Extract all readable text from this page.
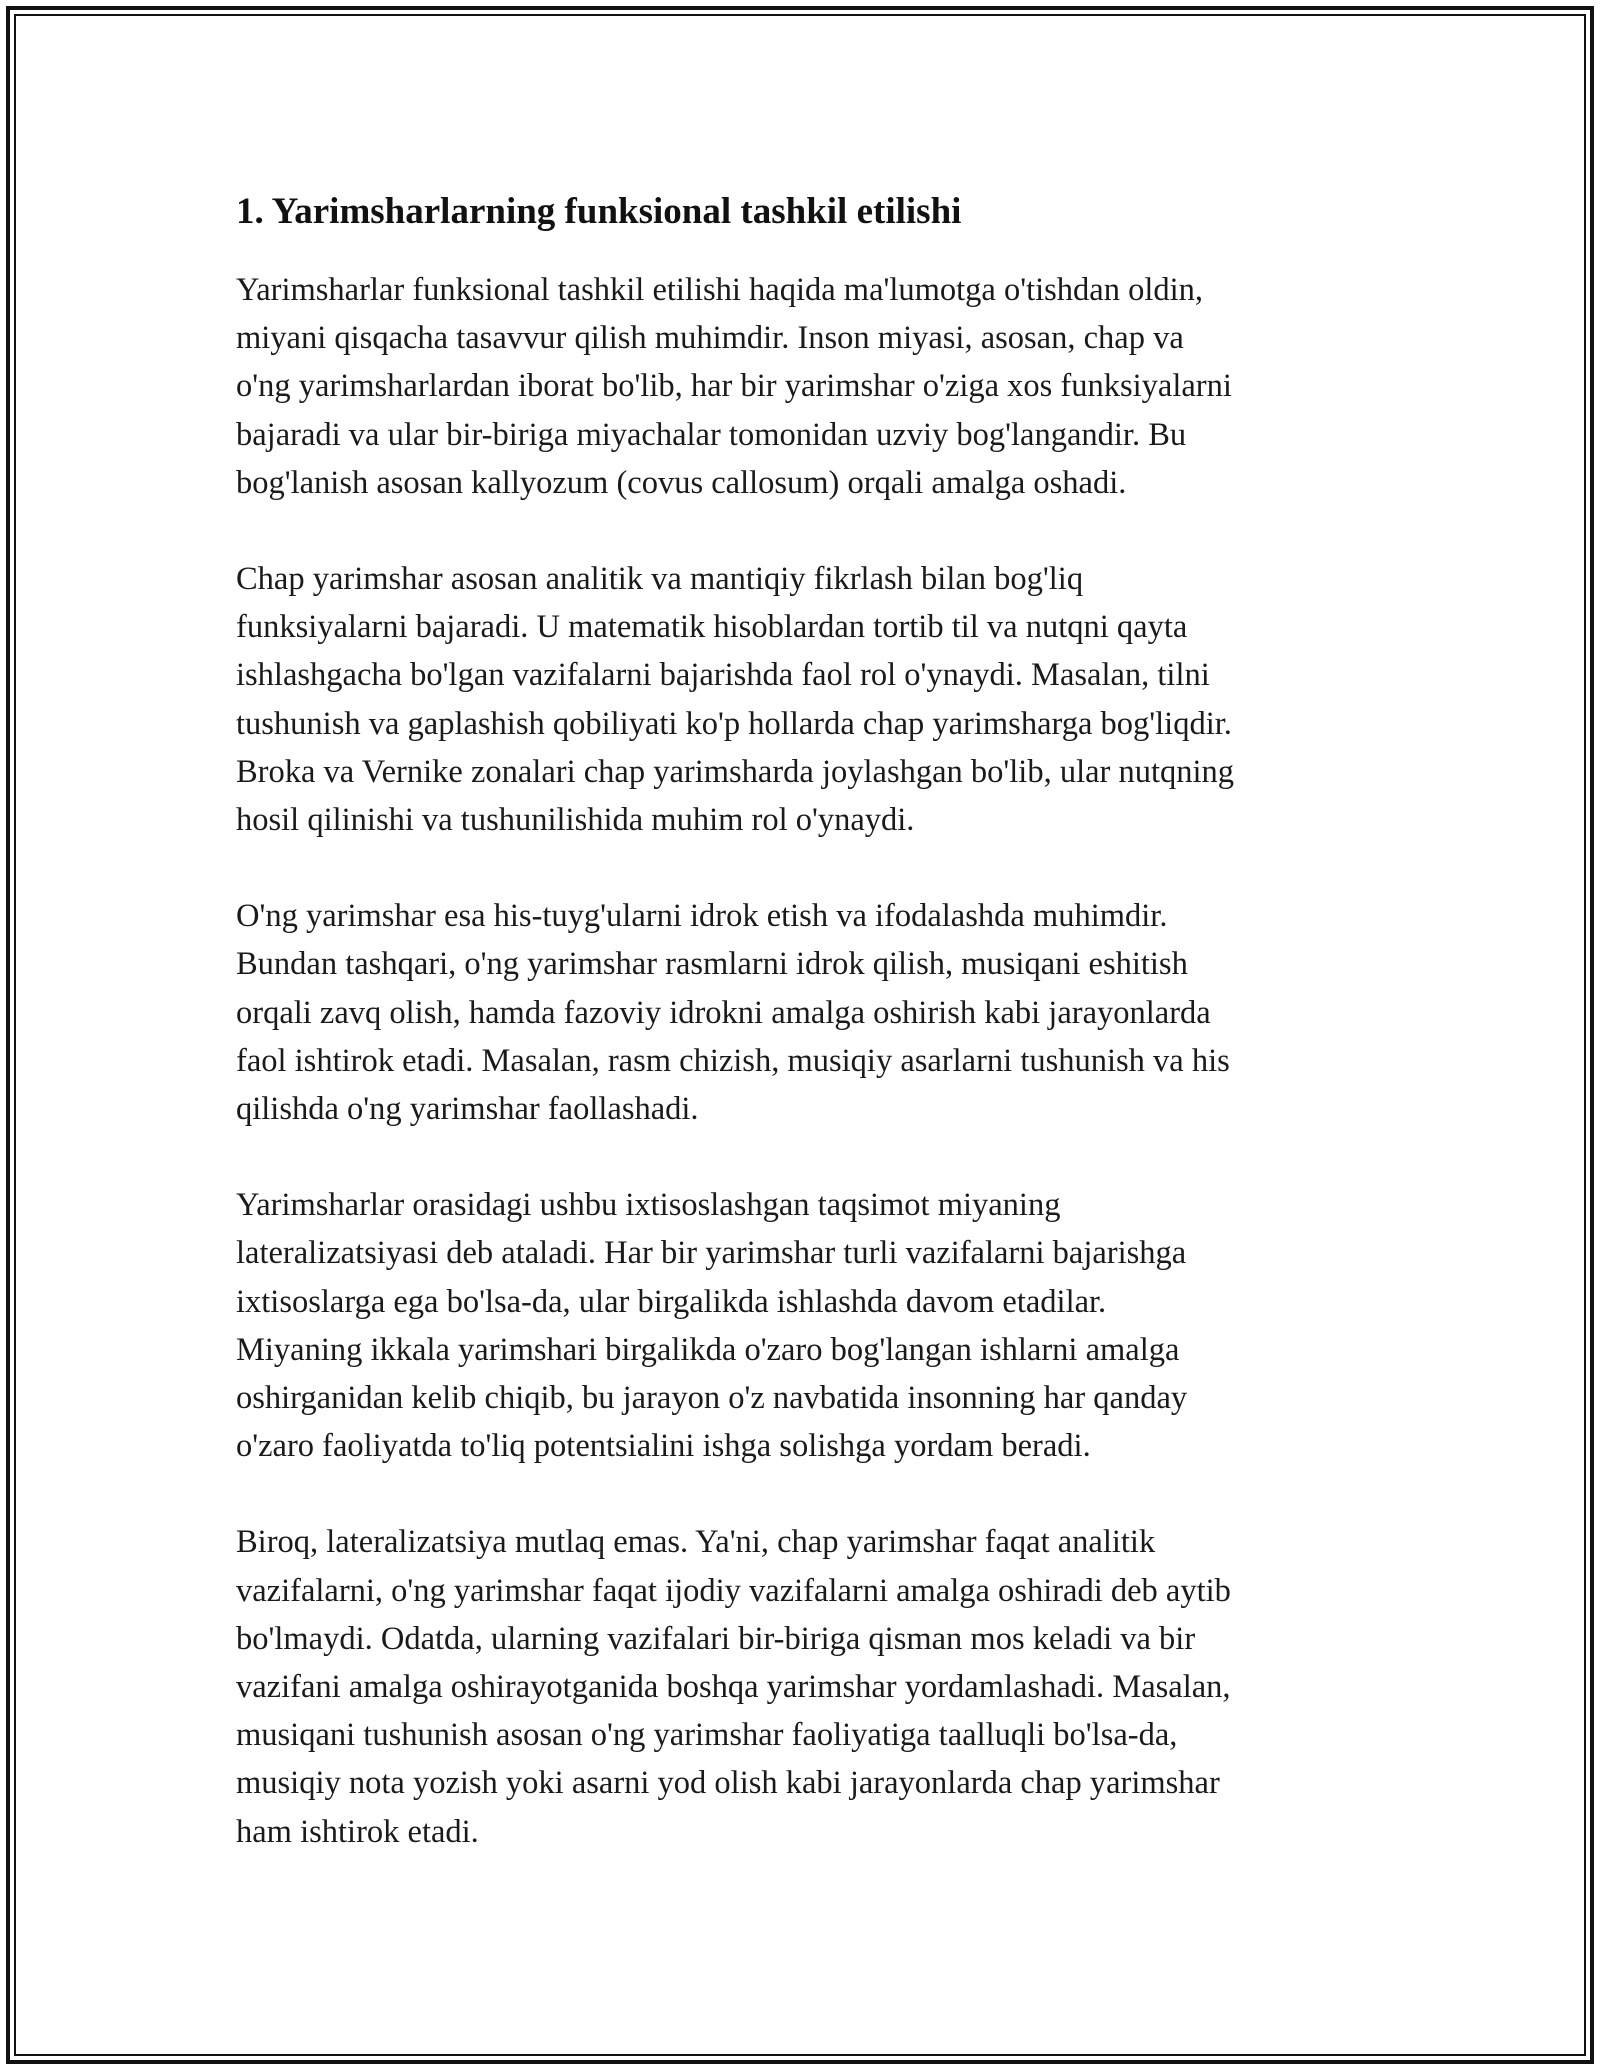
1. Yarimsharlarning funksional tashkil etilishi

Yarimsharlar funksional tashkil etilishi haqida ma'lumotga o'tishdan oldin,
miyani qisqacha tasavvur qilish muhimdir. Inson miyasi, asosan, chap va
o'ng yarimsharlardan iborat bo'lib, har bir yarimshar o'ziga xos funksiyalarni
bajaradi va ular bir-biriga miyachalar tomonidan uzviy bog'langandir. Bu
bog'lanish asosan kallyozum (covus callosum) orqali amalga oshadi.

Chap yarimshar asosan analitik va mantiqiy fikrlash bilan bog'liq
funksiyalarni bajaradi. U matematik hisoblardan tortib til va nutqni qayta
ishlashgacha bo'lgan vazifalarni bajarishda faol rol o'ynaydi. Masalan, tilni
tushunish va gaplashish qobiliyati ko'p hollarda chap yarimsharga bog'liqdir.
Broka va Vernike zonalari chap yarimsharda joylashgan bo'lib, ular nutqning
hosil qilinishi va tushunilishida muhim rol o'ynaydi.

O'ng yarimshar esa his-tuyg'ularni idrok etish va ifodalashda muhimdir.
Bundan tashqari, o'ng yarimshar rasmlarni idrok qilish, musiqani eshitish
orqali zavq olish, hamda fazoviy idrokni amalga oshirish kabi jarayonlarda
faol ishtirok etadi. Masalan, rasm chizish, musiqiy asarlarni tushunish va his
qilishda o'ng yarimshar faollashadi.

Yarimsharlar orasidagi ushbu ixtisoslashgan taqsimot miyaning
lateralizatsiyasi deb ataladi. Har bir yarimshar turli vazifalarni bajarishga
ixtisoslarga ega bo'lsa-da, ular birgalikda ishlashda davom etadilar.
Miyaning ikkala yarimshari birgalikda o'zaro bog'langan ishlarni amalga
oshirganidan kelib chiqib, bu jarayon o'z navbatida insonning har qanday
o'zaro faoliyatda to'liq potentsialini ishga solishga yordam beradi.

Biroq, lateralizatsiya mutlaq emas. Ya'ni, chap yarimshar faqat analitik
vazifalarni, o'ng yarimshar faqat ijodiy vazifalarni amalga oshiradi deb aytib
bo'lmaydi. Odatda, ularning vazifalari bir-biriga qisman mos keladi va bir
vazifani amalga oshirayotganida boshqa yarimshar yordamlashadi. Masalan,
musiqani tushunish asosan o'ng yarimshar faoliyatiga taalluqli bo'lsa-da,
musiqiy nota yozish yoki asarni yod olish kabi jarayonlarda chap yarimshar
ham ishtirok etadi.
